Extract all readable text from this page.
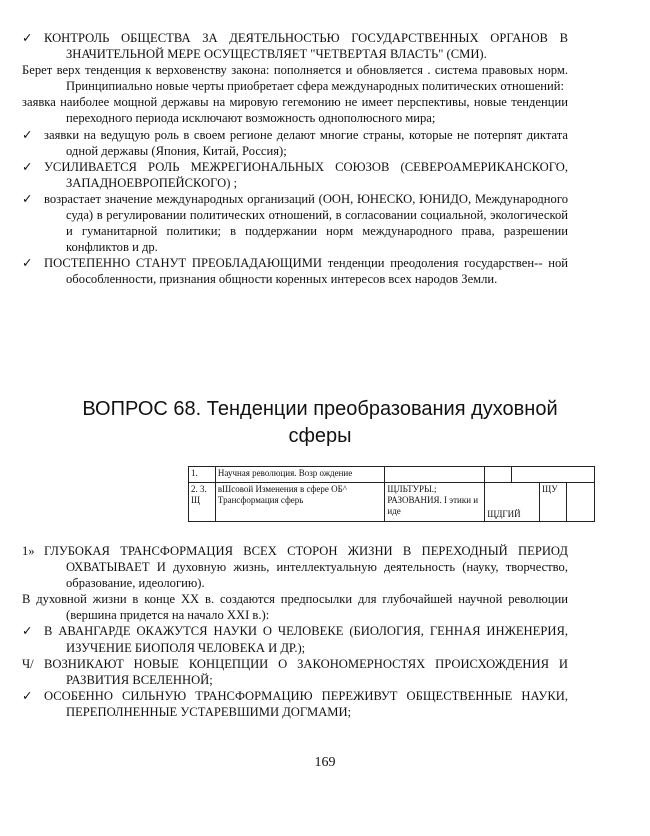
✓ КОНТРОЛЬ ОБЩЕСТВА ЗА ДЕЯТЕЛЬНОСТЬЮ ГОСУДАРСТВЕННЫХ ОРГАНОВ В ЗНАЧИТЕЛЬНОЙ МЕРЕ ОСУЩЕСТВЛЯЕТ "ЧЕТВЕРТАЯ ВЛАСТЬ" (СМИ).

Берет верх тенденция к верховенству закона: пополняется и обновляется . система правовых норм. Принципиально новые черты приобретает сфера международных политических отношений:

заявка наиболее мощной державы на мировую гегемонию не имеет перспективы, новые тенденции переходного периода исключают возможность однополюсного мира;

✓ заявки на ведущую роль в своем регионе делают многие страны, которые не потерпят диктата одной державы (Япония, Китай, Россия);

✓ УСИЛИВАЕТСЯ РОЛЬ МЕЖРЕГИОНАЛЬНЫХ СОЮЗОВ (СЕВЕРОАМЕРИКАНСКОГО, ЗАПАДНОЕВРОПЕЙСКОГО) ;

✓ возрастает значение международных организаций (ООН, ЮНЕСКО, ЮНИДО, Международного суда) в регулировании политических отношений, в согласовании социальной, экологической и гуманитарной политики; в поддержании норм международного права, разрешении конфликтов и др.

✓ ПОСТЕПЕННО СТАНУТ ПРЕОБЛАДАЮЩИМИ тенденции преодоления государствен-- ной обособленности, признания общности коренных интересов всех народов Земли.

ВОПРОС 68. Тенденции преобразования духовной
сферы
1.	Научная революция. Возр ождение					
2. 3. Щ	вШсовой Изменения в сфере ОБ^ Трансформация сферь	ЩЛЬТУРЫ.; РАЗОВАНИЯ. I этики и иде	ЩДГИЙ		ЩУ	

1» ГЛУБОКАЯ ТРАНСФОРМАЦИЯ ВСЕХ СТОРОН ЖИЗНИ В ПЕРЕХОДНЫЙ ПЕРИОД ОХВАТЫВАЕТ И духовную жизнь, интеллектуальную деятельность (науку, творчество, образование, идеологию).

В духовной жизни в конце XX в. создаются предпосылки для глубочайшей научной революции (вершина придется на начало XXI в.):

✓ В АВАНГАРДЕ ОКАЖУТСЯ НАУКИ О ЧЕЛОВЕКЕ (БИОЛОГИЯ, ГЕННАЯ ИНЖЕНЕРИЯ, ИЗУЧЕНИЕ БИОПОЛЯ ЧЕЛОВЕКА И ДР.);

Ч/ ВОЗНИКАЮТ НОВЫЕ КОНЦЕПЦИИ О ЗАКОНОМЕРНОСТЯХ ПРОИСХОЖДЕНИЯ И РАЗВИТИЯ ВСЕЛЕННОЙ;

✓ ОСОБЕННО СИЛЬНУЮ ТРАНСФОРМАЦИЮ ПЕРЕЖИВУТ ОБЩЕСТВЕННЫЕ НАУКИ, ПЕРЕПОЛНЕННЫЕ УСТАРЕВШИМИ ДОГМАМИ;

169
